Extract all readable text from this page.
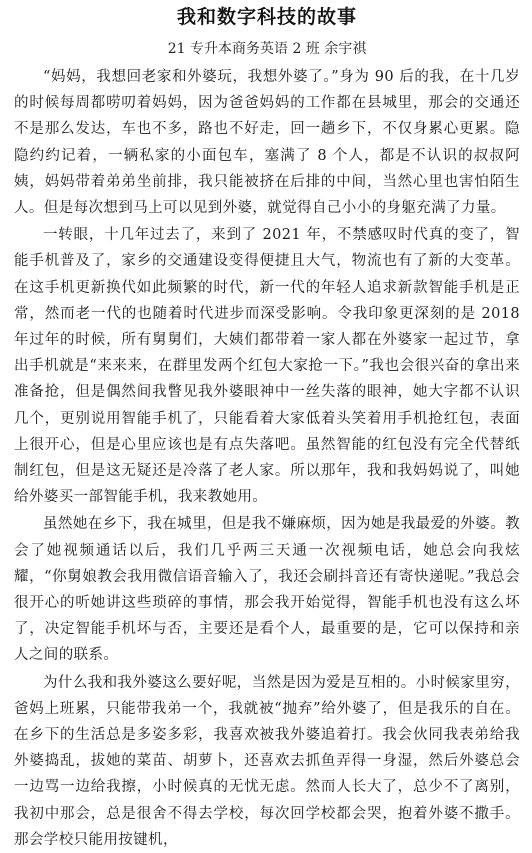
我和数字科技的故事
21 专升本商务英语 2 班 余宇祺

“妈妈，我想回老家和外婆玩，我想外婆了。”身为 90 后的我，在十几岁的时候每周都唠叨着妈妈，因为爸爸妈妈的工作都在县城里，那会的交通还不是那么发达，车也不多，路也不好走，回一趟乡下，不仅身累心更累。隐隐约约记着，一辆私家的小面包车，塞满了 8 个人，都是不认识的叔叔阿姨，妈妈带着弟弟坐前排，我只能被挤在后排的中间，当然心里也害怕陌生人。但是每次想到马上可以见到外婆，就觉得自己小小的身躯充满了力量。

一转眼，十几年过去了，来到了 2021 年，不禁感叹时代真的变了，智能手机普及了，家乡的交通建设变得便捷且大气，物流也有了新的大变革。在这手机更新换代如此频繁的时代，新一代的年轻人追求新款智能手机是正常，然而老一代的也随着时代进步而深受影响。令我印象更深刻的是 2018 年过年的时候，所有舅舅们，大姨们都带着一家人都在外婆家一起过节，拿出手机就是“来来来，在群里发两个红包大家抢一下。”我也会很兴奋的拿出来准备抢，但是偶然间我瞥见我外婆眼神中一丝失落的眼神，她大字都不认识几个，更别说用智能手机了，只能看着大家低着头笑着用手机抢红包，表面上很开心，但是心里应该也是有点失落吧。虽然智能的红包没有完全代替纸制红包，但是这无疑还是冷落了老人家。所以那年，我和我妈妈说了，叫她给外婆买一部智能手机，我来教她用。

虽然她在乡下，我在城里，但是我不嫌麻烦，因为她是我最爱的外婆。教会了她视频通话以后，我们几乎两三天通一次视频电话，她总会向我炫耀，“你舅娘教会我用微信语音输入了，我还会刷抖音还有寄快递呢。”我总会很开心的听她讲这些琐碎的事情，那会我开始觉得，智能手机也没有这么坏了，决定智能手机坏与否，主要还是看个人，最重要的是，它可以保持和亲人之间的联系。

为什么我和我外婆这么要好呢，当然是因为爱是互相的。小时候家里穷，爸妈上班累，只能带我弟一个，我就被“抛弃”给外婆了，但是我乐的自在。在乡下的生活总是多姿多彩，我喜欢被我外婆追着打。我会伙同我表弟给我外婆捣乱，拔她的菜苗、胡萝卜，还喜欢去抓鱼弄得一身湿，然后外婆总会一边骂一边给我擦，小时候真的无忧无虑。然而人长大了，总少不了离别，我初中那会，总是很舍不得去学校，每次回学校都会哭，抱着外婆不撒手。那会学校只能用按键机，
